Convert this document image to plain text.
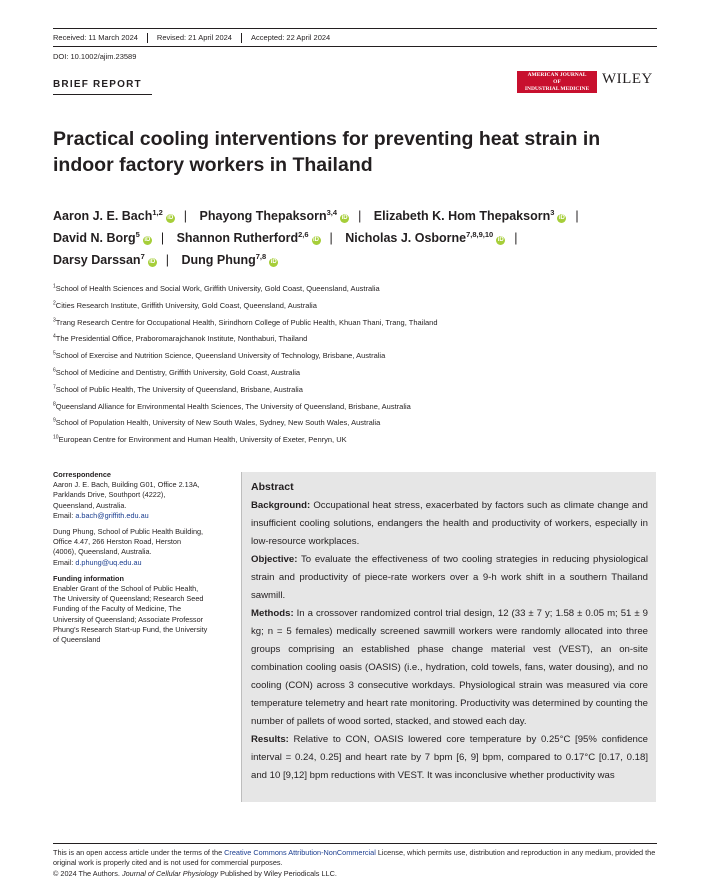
Received: 11 March 2024	Revised: 21 April 2024	Accepted: 22 April 2024
DOI: 10.1002/ajim.23589
BRIEF REPORT
AMERICAN JOURNAL
OF
INDUSTRIAL MEDICINE
WILEY
Practical cooling interventions for preventing heat strain in indoor factory workers in Thailand
Aaron J. E. Bach$^{1,2}$iD | Phayong Thepaksorn$^{3,4}$iD | Elizabeth K. Hom Thepaksorn$^3$iD |
David N. Borg$^5$iD | Shannon Rutherford$^{2,6}$iD | Nicholas J. Osborne$^{7,8,9,10}$iD |
Darsy Darssan$^7$iD | Dung Phung$^{7,8}$iD
$^1$School of Health Sciences and Social Work, Griffith University, Gold Coast, Queensland, Australia
$^2$Cities Research Institute, Griffith University, Gold Coast, Queensland, Australia
$^3$Trang Research Centre for Occupational Health, Sirindhorn College of Public Health, Khuan Thani, Trang, Thailand
$^4$The Presidential Office, Praboromarajchanok Institute, Nonthaburi, Thailand
$^5$School of Exercise and Nutrition Science, Queensland University of Technology, Brisbane, Australia
$^6$School of Medicine and Dentistry, Griffith University, Gold Coast, Australia
$^7$School of Public Health, The University of Queensland, Brisbane, Australia
$^8$Queensland Alliance for Environmental Health Sciences, The University of Queensland, Brisbane, Australia
$^9$School of Population Health, University of New South Wales, Sydney, New South Wales, Australia
$^{10}$European Centre for Environment and Human Health, University of Exeter, Penryn, UK
Correspondence
Aaron J. E. Bach, Building G01, Office 2.13A,
Parklands Drive, Southport (4222),
Queensland, Australia.
Email: a.bach@griffith.edu.au
Dung Phung, School of Public Health Building,
Office 4.47, 266 Herston Road, Herston
(4006), Queensland, Australia.
Email: d.phung@uq.edu.au
Funding information
Enabler Grant of the School of Public Health,
The University of Queensland; Research Seed
Funding of the Faculty of Medicine, The
University of Queensland; Associate Professor
Phung's Research Start-up Fund, the University
of Queensland
Abstract

Background: Occupational heat stress, exacerbated by factors such as climate change and insufficient cooling solutions, endangers the health and productivity of workers, especially in low-resource workplaces.

Objective: To evaluate the effectiveness of two cooling strategies in reducing physiological strain and productivity of piece-rate workers over a 9-h work shift in a southern Thailand sawmill.

Methods: In a crossover randomized control trial design, 12 (33 ± 7 y; 1.58 ± 0.05 m; 51 ± 9 kg; n = 5 females) medically screened sawmill workers were randomly allocated into three groups comprising an established phase change material vest (VEST), an on-site combination cooling oasis (OASIS) (i.e., hydration, cold towels, fans, water dousing), and no cooling (CON) across 3 consecutive workdays. Physiological strain was measured via core temperature telemetry and heart rate monitoring. Productivity was determined by counting the number of pallets of wood sorted, stacked, and stowed each day.

Results: Relative to CON, OASIS lowered core temperature by 0.25°C [95% confidence interval = 0.24, 0.25] and heart rate by 7 bpm [6, 9] bpm, compared to 0.17°C [0.17, 0.18] and 10 [9,12] bpm reductions with VEST. It was inconclusive whether productivity was

This is an open access article under the terms of the Creative Commons Attribution-NonCommercial License, which permits use, distribution and reproduction in any medium, provided the original work is properly cited and is not used for commercial purposes.
© 2024 The Authors. Journal of Cellular Physiology Published by Wiley Periodicals LLC.
